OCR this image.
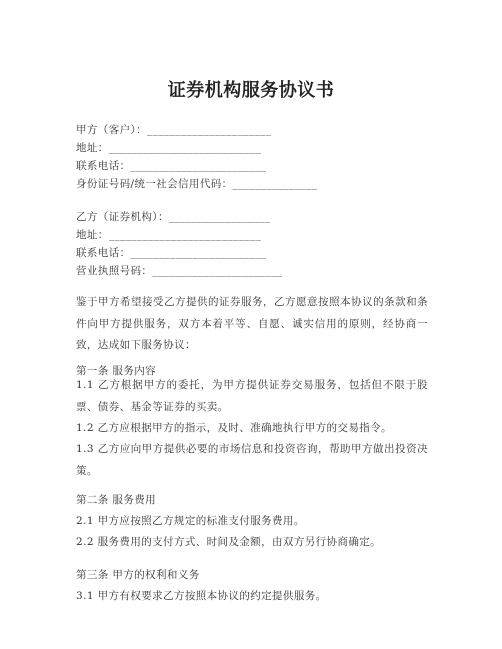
证券机构服务协议书
甲方（客户）：______________________
地址：___________________________
联系电话：________________________
身份证号码/统一社会信用代码：_______________
乙方（证券机构）：__________________
地址：___________________________
联系电话：________________________
营业执照号码：_______________________
鉴于甲方希望接受乙方提供的证券服务，乙方愿意按照本协议的条款和条件向甲方提供服务，双方本着平等、自愿、诚实信用的原则，经协商一致，达成如下服务协议：
第一条 服务内容
1.1 乙方根据甲方的委托，为甲方提供证券交易服务，包括但不限于股票、债券、基金等证券的买卖。
1.2 乙方应根据甲方的指示，及时、准确地执行甲方的交易指令。
1.3 乙方应向甲方提供必要的市场信息和投资咨询，帮助甲方做出投资决策。
第二条 服务费用
2.1 甲方应按照乙方规定的标准支付服务费用。
2.2 服务费用的支付方式、时间及金额，由双方另行协商确定。
第三条 甲方的权利和义务
3.1 甲方有权要求乙方按照本协议的约定提供服务。
